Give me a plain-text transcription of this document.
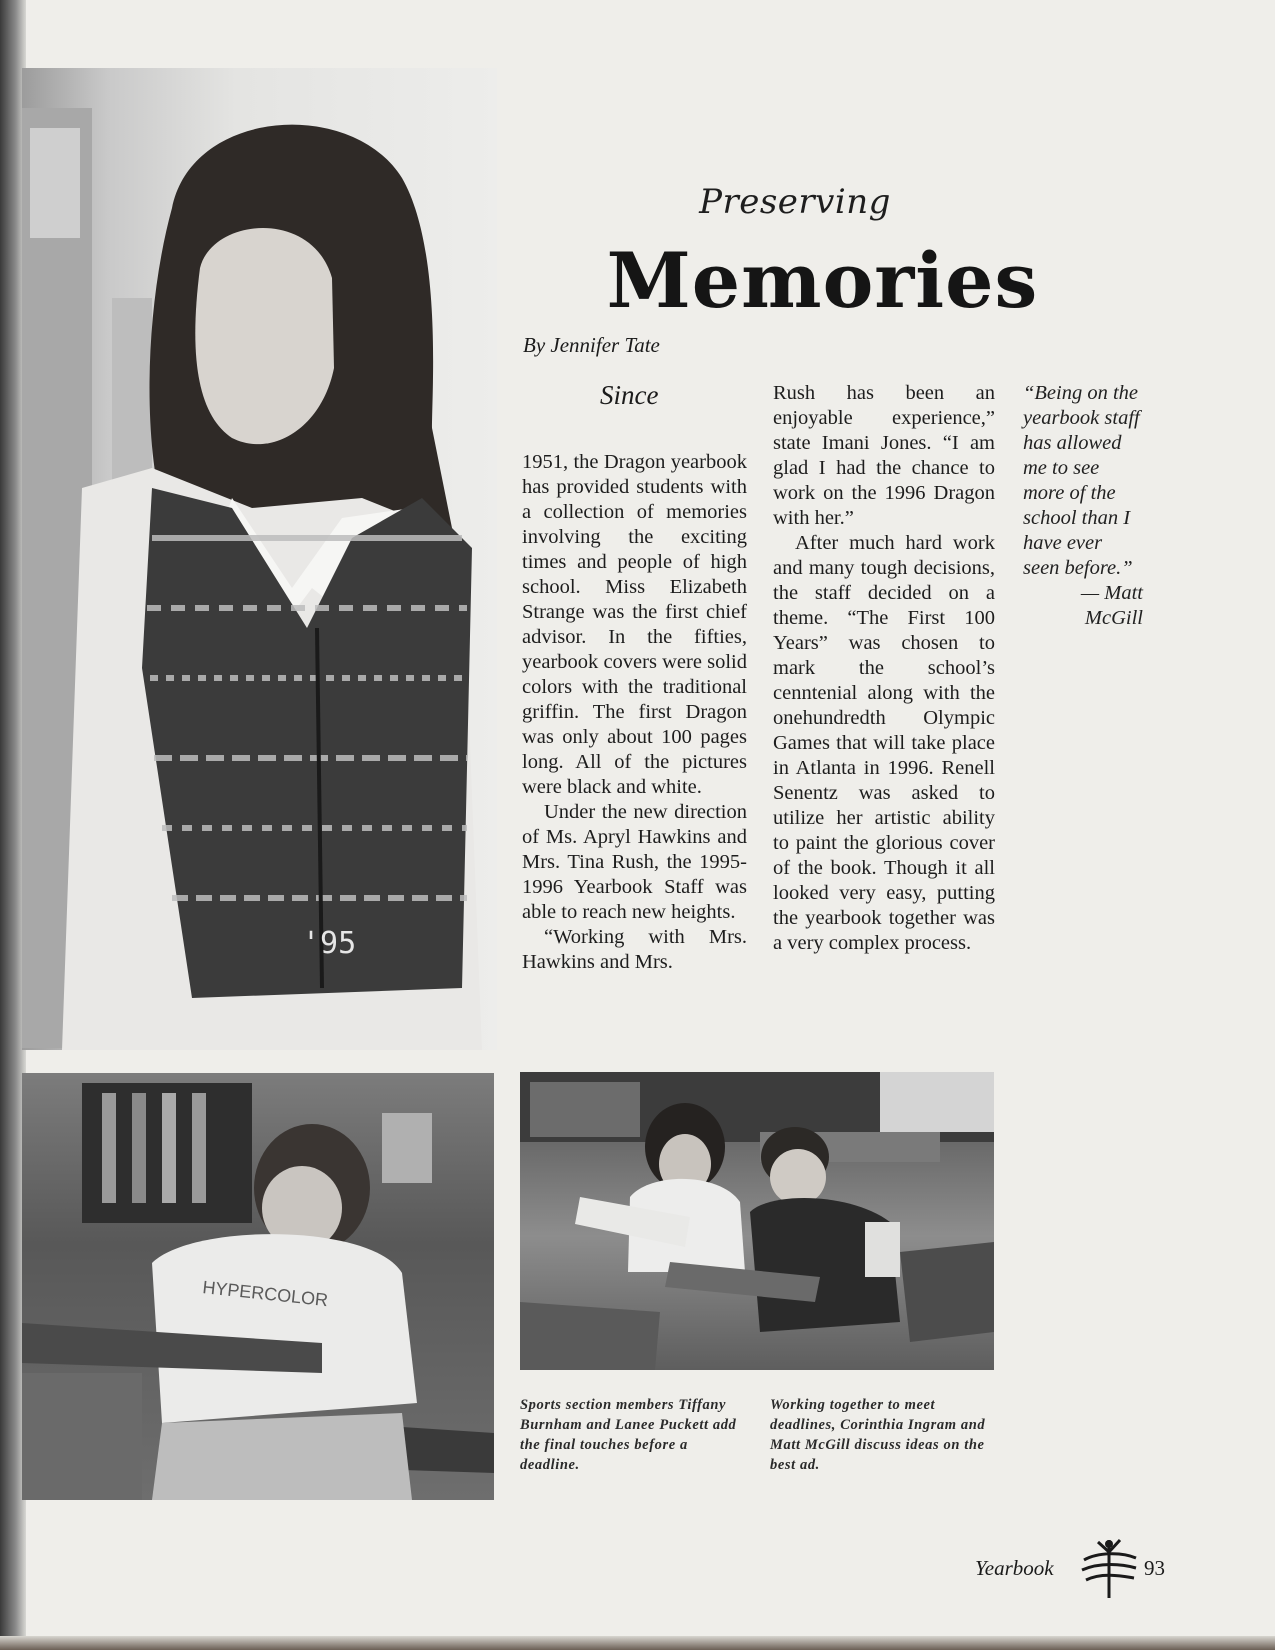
'95
Preserving
Memories
By Jennifer Tate
Since

1951, the Dragon yearbook has provided students with a collection of memories involving the exciting times and people of high school. Miss Elizabeth Strange was the first chief advisor. In the fifties, yearbook covers were solid colors with the traditional griffin. The first Dragon was only about 100 pages long. All of the pictures were black and white.

Under the new direction of Ms. Apryl Hawkins and Mrs. Tina Rush, the 1995-1996 Yearbook Staff was able to reach new heights.

“Working with Mrs. Hawkins and Mrs.

Rush has been an enjoyable experience,” state Imani Jones. “I am glad I had the chance to work on the 1996 Dragon with her.”

After much hard work and many tough decisions, the staff decided on a theme. “The First 100 Years” was chosen to mark the school’s cenntenial along with the onehundredth Olympic Games that will take place in Atlanta in 1996. Renell Senentz was asked to utilize her artistic ability to paint the glorious cover of the book. Though it all looked very easy, putting the yearbook together was a very complex process.

“Being on the yearbook staff has allowed me to see more of the school than I have ever seen before.”
— Matt McGill
HYPERCOLOR
Sports section members Tiffany Burnham and Lanee Puckett add the final touches before a deadline.
Working together to meet deadlines, Corinthia Ingram and Matt McGill discuss ideas on the best ad.
Yearbook	93
